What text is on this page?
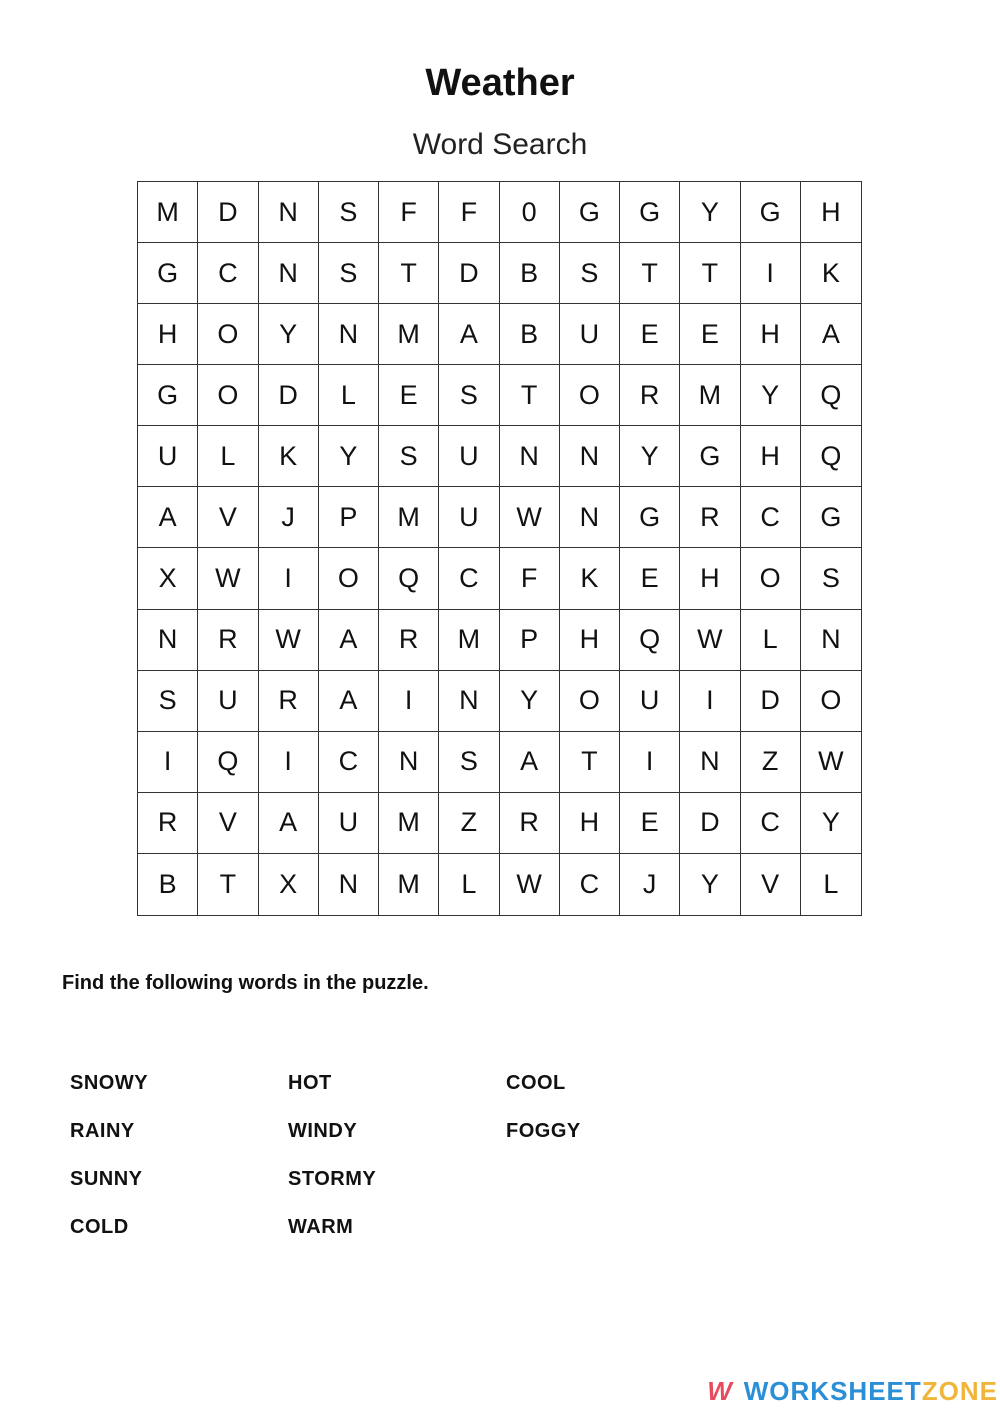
Weather
Word Search
M	D	N	S	F	F	0	G	G	Y	G	H
G	C	N	S	T	D	B	S	T	T	I	K
H	O	Y	N	M	A	B	U	E	E	H	A
G	O	D	L	E	S	T	O	R	M	Y	Q
U	L	K	Y	S	U	N	N	Y	G	H	Q
A	V	J	P	M	U	W	N	G	R	C	G
X	W	I	O	Q	C	F	K	E	H	O	S
N	R	W	A	R	M	P	H	Q	W	L	N
S	U	R	A	I	N	Y	O	U	I	D	O
I	Q	I	C	N	S	A	T	I	N	Z	W
R	V	A	U	M	Z	R	H	E	D	C	Y
B	T	X	N	M	L	W	C	J	Y	V	L
Find the following words in the puzzle.
SNOWY
RAINY
SUNNY
COLD
HOT
WINDY
STORMY
WARM
COOL
FOGGY
W WORKSHEETZONE
